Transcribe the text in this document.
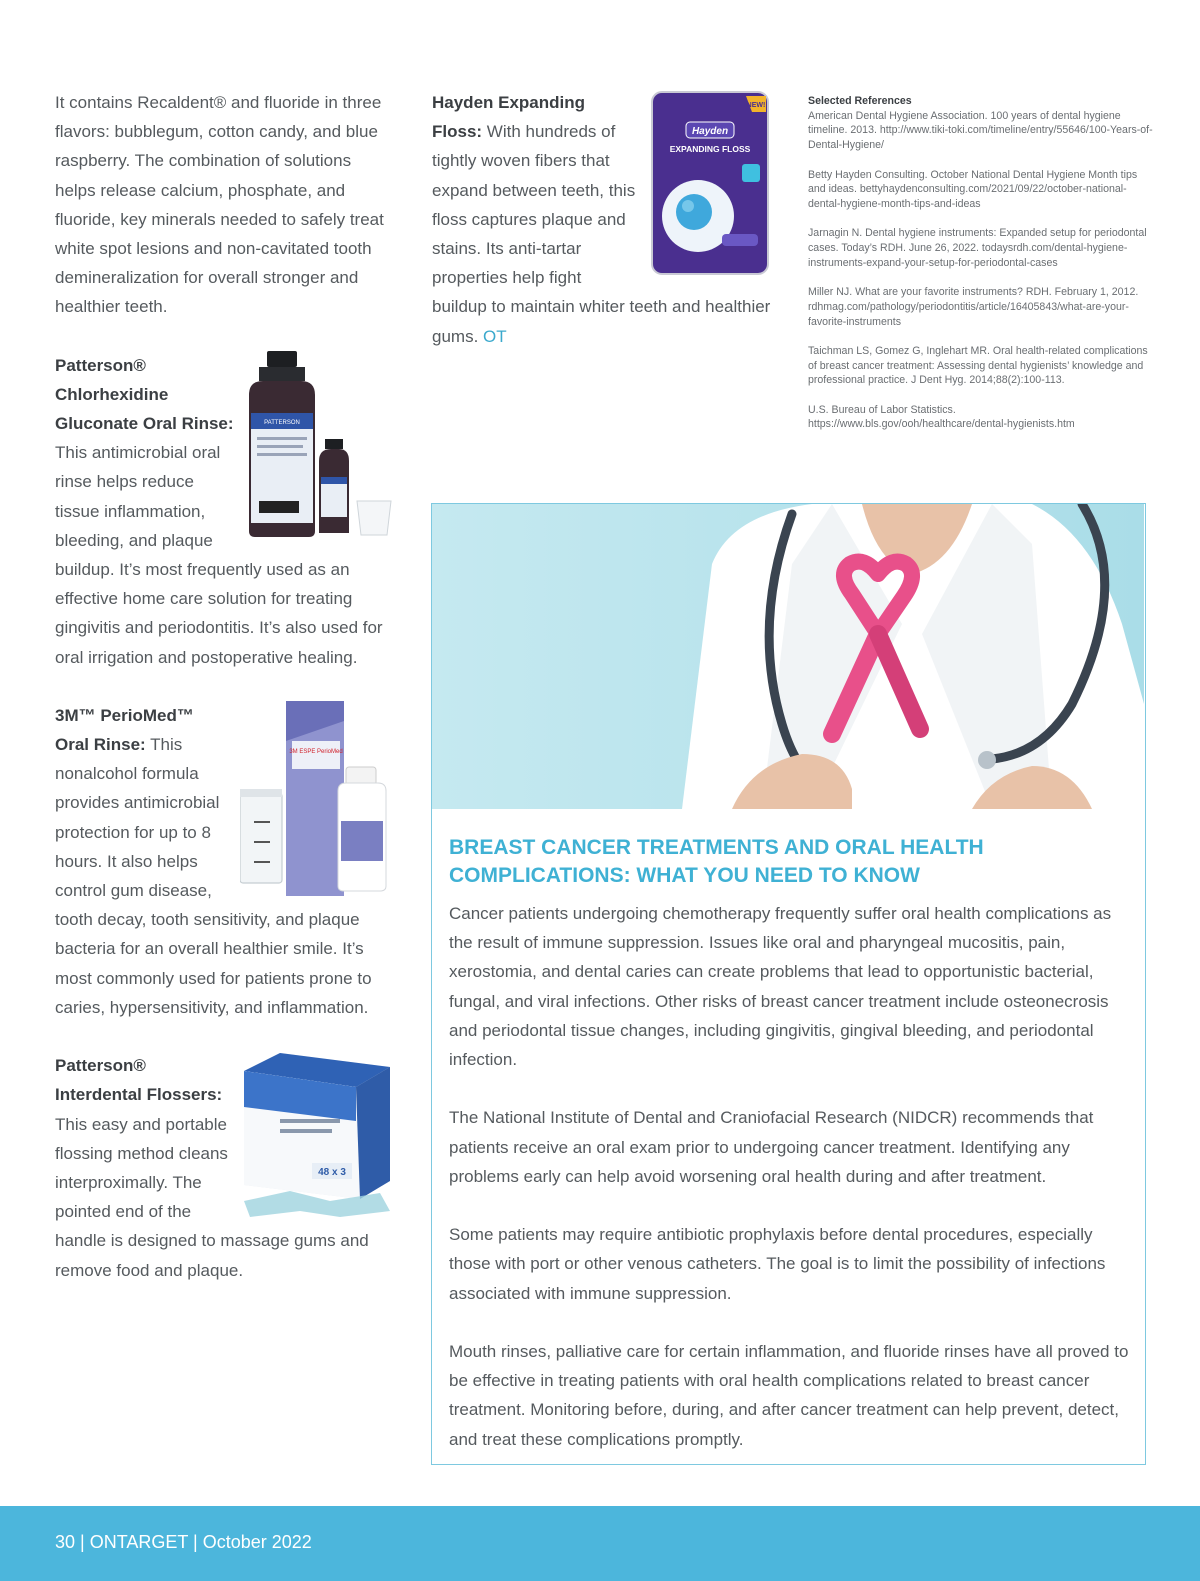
It contains Recaldent® and fluoride in three flavors: bubblegum, cotton candy, and blue raspberry. The combination of solutions helps release calcium, phosphate, and fluoride, key minerals needed to safely treat white spot lesions and non-cavitated tooth demineralization for overall stronger and healthier teeth.

PATTERSON
Patterson® Chlorhexidine Gluconate Oral Rinse: This antimicrobial oral rinse helps reduce tissue inflammation, bleeding, and plaque buildup. It’s most frequently used as an effective home care solution for treating gingivitis and periodontitis. It’s also used for oral irrigation and postoperative healing.
3M ESPE PerioMed
3M™ PerioMed™ Oral Rinse: This nonalcohol formula provides antimicrobial protection for up to 8 hours. It also helps control gum disease, tooth decay, tooth sensitivity, and plaque bacteria for an overall healthier smile. It’s most commonly used for patients prone to caries, hypersensitivity, and inflammation.
48 x 3
Patterson® Interdental Flossers: This easy and portable flossing method cleans interproximally. The pointed end of the handle is designed to massage gums and remove food and plaque.
NEW!
Hayden
EXPANDING FLOSS
Hayden Expanding Floss: With hundreds of tightly woven fibers that expand between teeth, this floss captures plaque and stains. Its anti-tartar properties help fight buildup to maintain whiter teeth and healthier gums. OT
Selected References
American Dental Hygiene Association. 100 years of dental hygiene timeline. 2013. http://www.tiki-toki.com/timeline/entry/55646/100-Years-of-Dental-Hygiene/
Betty Hayden Consulting. October National Dental Hygiene Month tips and ideas. bettyhaydenconsulting.com/2021/09/22/october-national-dental-hygiene-month-tips-and-ideas
Jarnagin N. Dental hygiene instruments: Expanded setup for periodontal cases. Today’s RDH. June 26, 2022. todaysrdh.com/dental-hygiene-instruments-expand-your-setup-for-periodontal-cases
Miller NJ. What are your favorite instruments? RDH. February 1, 2012. rdhmag.com/pathology/periodontitis/article/16405843/what-are-your-favorite-instruments
Taichman LS, Gomez G, Inglehart MR. Oral health-related complications of breast cancer treatment: Assessing dental hygienists’ knowledge and professional practice. J Dent Hyg. 2014;88(2):100-113.
U.S. Bureau of Labor Statistics. https://www.bls.gov/ooh/healthcare/dental-hygienists.htm
BREAST CANCER TREATMENTS AND ORAL HEALTH COMPLICATIONS: WHAT YOU NEED TO KNOW

Cancer patients undergoing chemotherapy frequently suffer oral health complications as the result of immune suppression. Issues like oral and pharyngeal mucositis, pain, xerostomia, and dental caries can create problems that lead to opportunistic bacterial, fungal, and viral infections. Other risks of breast cancer treatment include osteonecrosis and periodontal tissue changes, including gingivitis, gingival bleeding, and periodontal infection.

The National Institute of Dental and Craniofacial Research (NIDCR) recommends that patients receive an oral exam prior to undergoing cancer treatment. Identifying any problems early can help avoid worsening oral health during and after treatment.

Some patients may require antibiotic prophylaxis before dental procedures, especially those with port or other venous catheters. The goal is to limit the possibility of infections associated with immune suppression.

Mouth rinses, palliative care for certain inflammation, and fluoride rinses have all proved to be effective in treating patients with oral health complications related to breast cancer treatment. Monitoring before, during, and after cancer treatment can help prevent, detect, and treat these complications promptly.

30 | ONTARGET | October 2022
